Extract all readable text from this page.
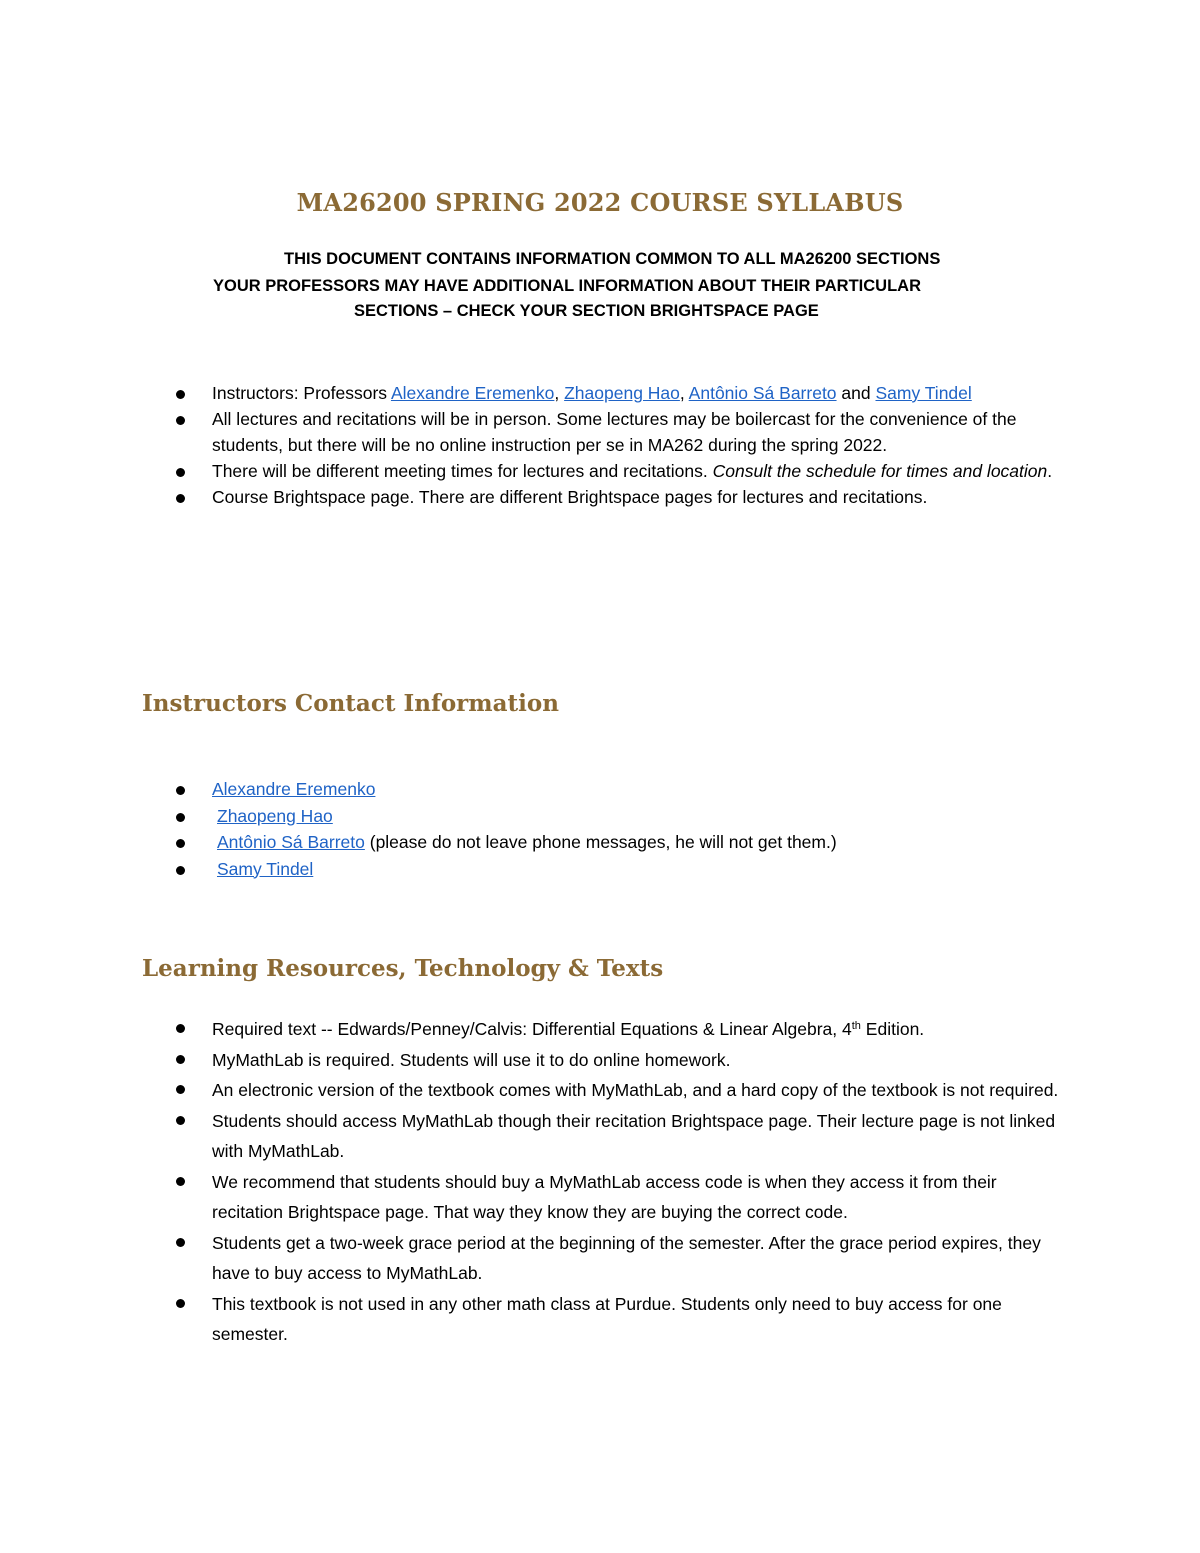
MA26200 SPRING 2022 COURSE SYLLABUS

THIS DOCUMENT CONTAINS INFORMATION COMMON TO ALL MA26200 SECTIONS

YOUR PROFESSORS MAY HAVE ADDITIONAL INFORMATION ABOUT THEIR PARTICULAR

SECTIONS – CHECK YOUR SECTION BRIGHTSPACE PAGE

Instructors: Professors Alexandre Eremenko, Zhaopeng Hao, Antônio Sá Barreto and Samy Tindel
All lectures and recitations will be in person. Some lectures may be boilercast for the convenience of the students, but there will be no online instruction per se in MA262 during the spring 2022.
There will be different meeting times for lectures and recitations. Consult the schedule for times and location.
Course Brightspace page. There are different Brightspace pages for lectures and recitations.
Instructors Contact Information
Alexandre Eremenko
Zhaopeng Hao
Antônio Sá Barreto (please do not leave phone messages, he will not get them.)
Samy Tindel
Learning Resources, Technology & Texts
Required text -- Edwards/Penney/Calvis: Differential Equations & Linear Algebra, 4th Edition.
MyMathLab is required. Students will use it to do online homework.
An electronic version of the textbook comes with MyMathLab, and a hard copy of the textbook is not required.
Students should access MyMathLab though their recitation Brightspace page. Their lecture page is not linked with MyMathLab.
We recommend that students should buy a MyMathLab access code is when they access it from their recitation Brightspace page. That way they know they are buying the correct code.
Students get a two-week grace period at the beginning of the semester. After the grace period expires, they have to buy access to MyMathLab.
This textbook is not used in any other math class at Purdue. Students only need to buy access for one semester.
